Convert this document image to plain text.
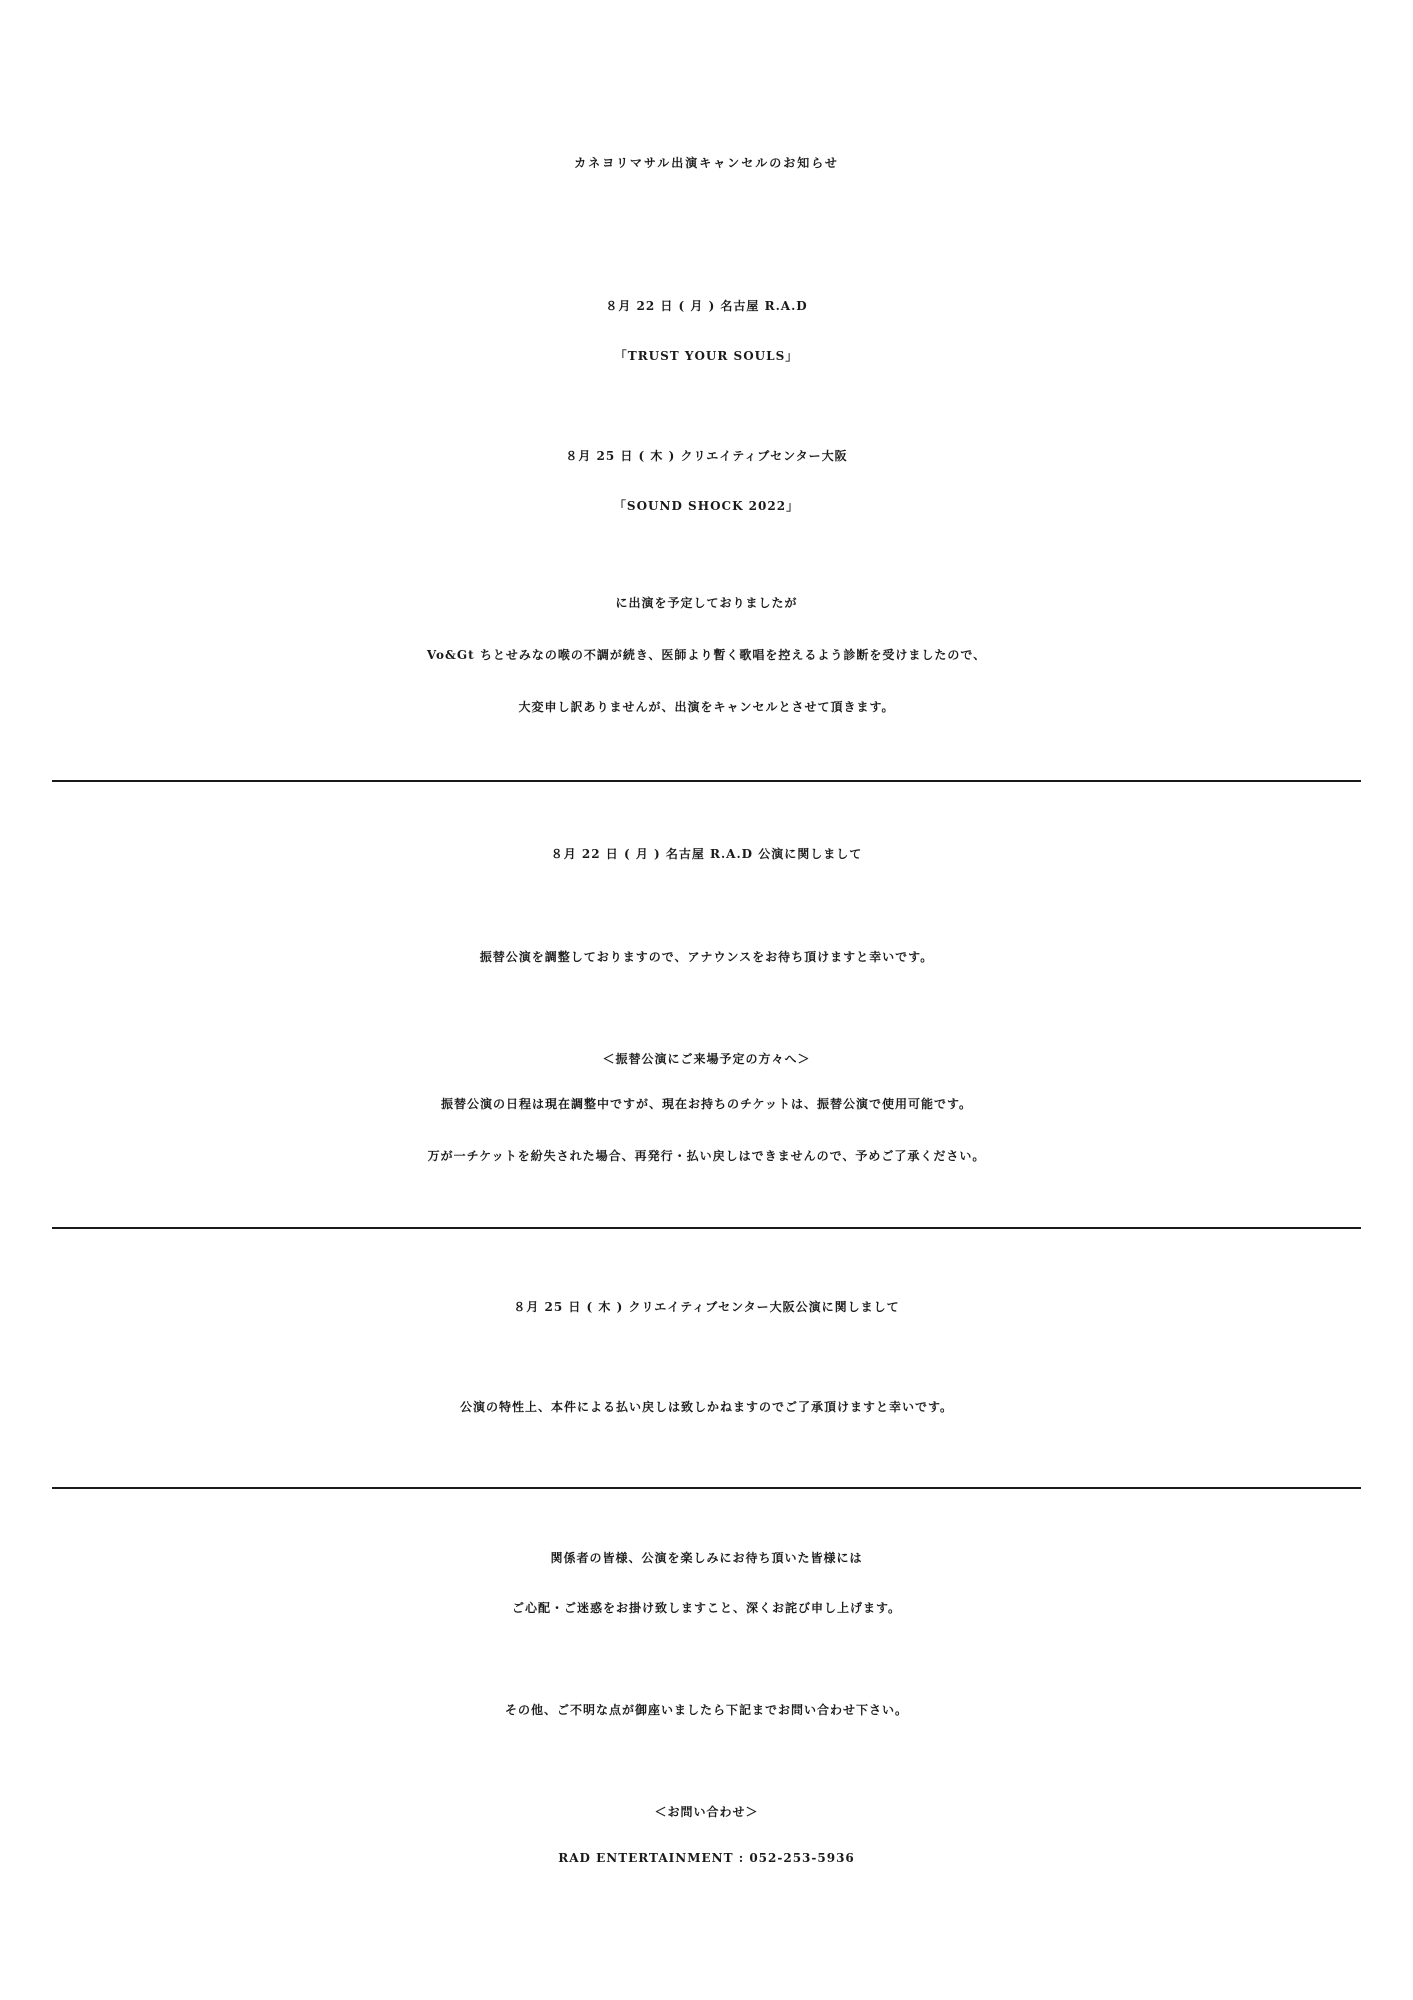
カネヨリマサル出演キャンセルのお知らせ
８月 22 日 ( 月 ) 名古屋 R.A.D
「TRUST YOUR SOULS」
８月 25 日 ( 木 ) クリエイティブセンター大阪
「SOUND SHOCK 2022」
に出演を予定しておりましたが
Vo&Gt ちとせみなの喉の不調が続き、医師より暫く歌唱を控えるよう診断を受けましたので、
大変申し訳ありませんが、出演をキャンセルとさせて頂きます。
８月 22 日 ( 月 ) 名古屋 R.A.D 公演に関しまして
振替公演を調整しておりますので、アナウンスをお待ち頂けますと幸いです。
＜振替公演にご来場予定の方々へ＞
振替公演の日程は現在調整中ですが、現在お持ちのチケットは、振替公演で使用可能です。
万が一チケットを紛失された場合、再発行・払い戻しはできませんので、予めご了承ください。
８月 25 日 ( 木 ) クリエイティブセンター大阪公演に関しまして
公演の特性上、本件による払い戻しは致しかねますのでご了承頂けますと幸いです。
関係者の皆様、公演を楽しみにお待ち頂いた皆様には
ご心配・ご迷惑をお掛け致しますこと、深くお詫び申し上げます。
その他、ご不明な点が御座いましたら下記までお問い合わせ下さい。
＜お問い合わせ＞
RAD ENTERTAINMENT : 052-253-5936
